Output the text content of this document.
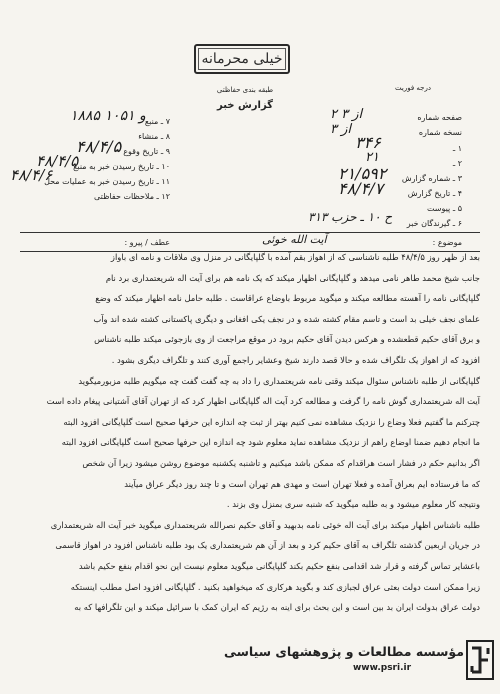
خیلی محرمانه
طبقه بندی حفاظتی
گزارش خبر
درجه فوریت
صفحه شماره
۲ از ۳
نسخه شماره
از ۳
۱ ـ
۳۴۶
۲ ـ
۲۱
۳ ـ شماره گزارش
۲۱/۵۹۲
۴ ـ تاریخ گزارش
۴۸/۴/۷
۵ ـ پیوست
۶ ـ گیرندگان خبر
۳۱۳ ح ۱۰ ـ حزب
۷ ـ منبع
۱۸۸۵ و ۱۰۵۱
۸ ـ منشاء
۹ ـ تاریخ وقوع
۴۸/۴/۵
۱۰ ـ تاریخ رسیدن خبر به منبع
۴۸/۴/۵
۱۱ ـ تاریخ رسیدن خبر به عملیات محل
۴۸/۴/۶
۱۲ ـ ملاحظات حفاظتی
موضوع :
آیت الله خوئی
عطف / پیرو :

بعد از ظهر روز ۴۸/۴/۵ طلبه ناشناسی که از اهواز بقم آمده با گلپایگانی در منزل وی ملاقات و نامه ای باواز

جانب شیخ محمد طاهر نامی میدهد و گلپایگانی اظهار میکند که یک نامه هم برای آیت اله شریعتمداری برد نام

گلپایگانی نامه را آهسته مطالعه میکند و میگوید مربوط باوضاع عراقاست . طلبه حامل نامه اظهار میکند که وضع

علمای نجف خیلی بد است و تاسم مقام کشته شده و در نجف یکی افغانی و دیگری پاکستانی کشته شده اند وآب

و برق آقای حکیم قطعشده و هرکس دیدن آقای حکیم برود در موقع مراجعت از وی بازجوئی میکند طلبه ناشناس

افزود که از اهواز یک تلگراف شده و حالا قصد دارند شیخ وعشایر راجمع آوری کنند و تلگراف دیگری بشود .

گلپایگانی از طلبه ناشناس سئوال میکند وقتی نامه شریعتمداری را داد به چه گفت گفت چه میگویم طلبه مزبورمیگوید

آیت اله شریعتمداری گوش نامه را گرفت و مطالعه کرد آیت اله گلپایگانی اظهار کرد که از تهران آقای آشتیانی پیغام داده است

چترکنم ما گفتیم فعلا وضاع را نزدیک مشاهده نمی کنیم بهتر از ثبت چه اندازه این حرفها صحیح است گلپایگانی افزود البته

ما انجام دهیم ضمنا اوضاع راهم از نزدیک مشاهده نماید معلوم شود چه اندازه این حرفها صحیح است گلپایگانی افزود البته

اگر بدانیم حکم در فشار است هراقدام که ممکن باشد میکنیم و تاشنبه یکشنبه موضوع روشن میشود زیرا آن شخص

که ما فرستاده ایم بعراق آمده و فعلا تهران است و مهدی هم تهران است و تا چند روز دیگر عراق میآیند

ونتیجه کار معلوم میشود و به طلبه میگوید که شنبه سری بمنزل وی بزند .

طلبه ناشناس اظهار میکند برای آیت اله خوئی نامه بدبهید و آقای حکیم نصرالله شریعتمداری میگوید خبر آیت اله شریعتمداری

در جریان اربعین گذشته تلگراف به آقای حکیم کرد و بعد از آن هم شریعتمداری یک بود طلبه ناشناس افزود در اهواز قاسمی

باعشایر تماس گرفته و قرار شد اقدامی بنفع حکیم بکند گلپایگانی میگوید معلوم نیست این نحو اقدام بنفع حکیم باشد

زیرا ممکن است دولت بعثی عراق لجبازی کند و بگوید هرکاری که میخواهید بکنید . گلپایگانی افزود اصل مطلب اینستکه

دولت عراق بدولت ایران بد بین است و این بحث برای اینه به رژیم که ایران کمک با سرائیل میکند و این تلگرافها که به

مؤسسه مطالعات و پژوهشهای سیاسی
www.psri.ir
